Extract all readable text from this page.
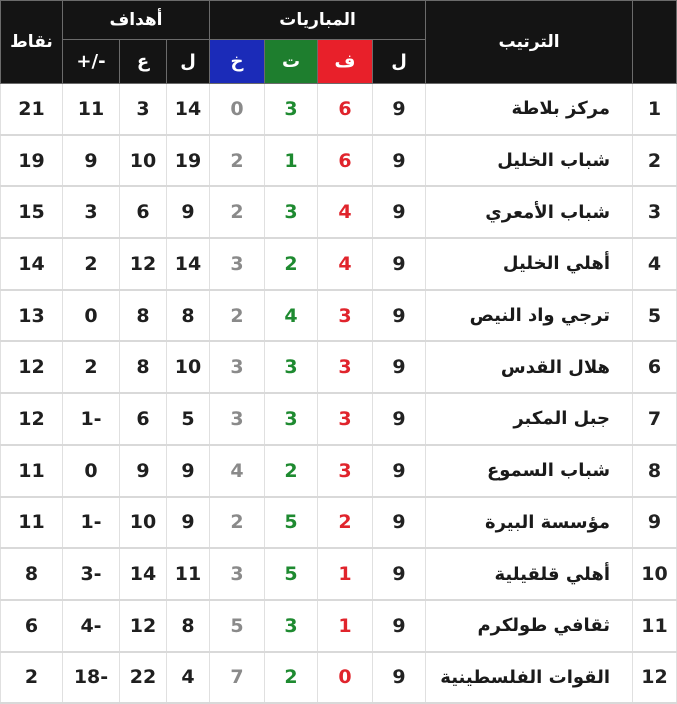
نقاط	أهداف			المباريات				الترتيب	
	+/-	ع	ل	خ	ت	ف	ل		
21	11	3	14	0	3	6	9	مركز بلاطة	1
19	9	10	19	2	1	6	9	شباب الخليل	2
15	3	6	9	2	3	4	9	شباب الأمعري	3
14	2	12	14	3	2	4	9	أهلي الخليل	4
13	0	8	8	2	4	3	9	ترجي واد النيص	5
12	2	8	10	3	3	3	9	هلال القدس	6
12	1-	6	5	3	3	3	9	جبل المكبر	7
11	0	9	9	4	2	3	9	شباب السموع	8
11	1-	10	9	2	5	2	9	مؤسسة البيرة	9
8	3-	14	11	3	5	1	9	أهلي قلقيلية	10
6	4-	12	8	5	3	1	9	ثقافي طولكرم	11
2	18-	22	4	7	2	0	9	القوات الفلسطينية	12
